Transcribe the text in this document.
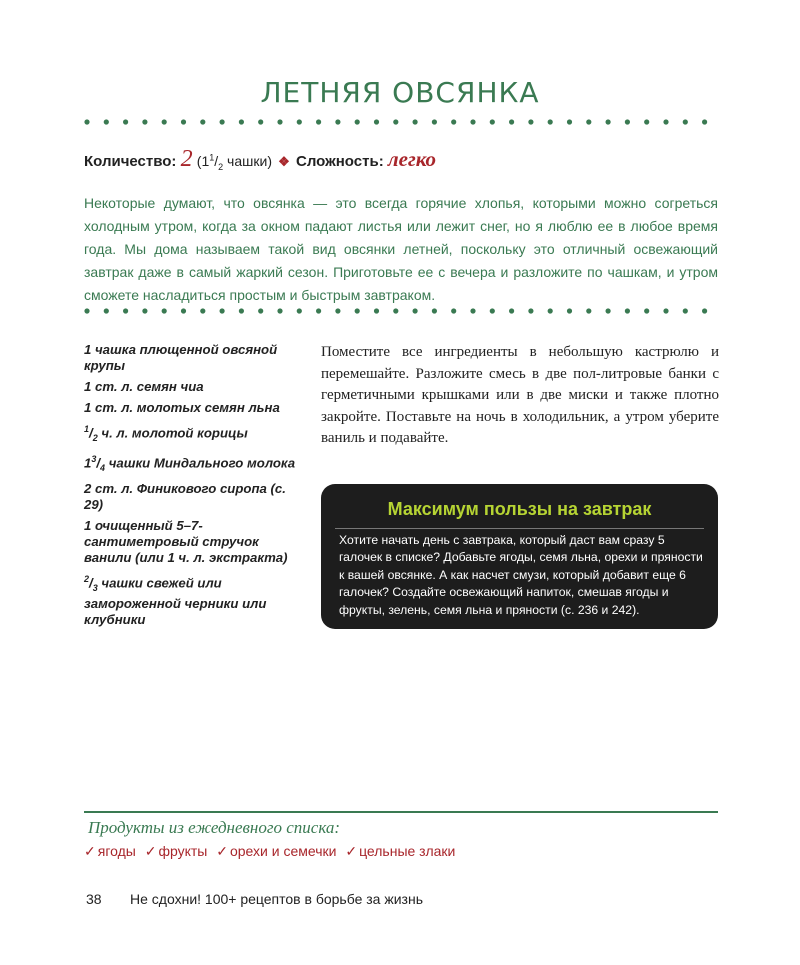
ЛЕТНЯЯ ОВСЯНКА
Количество: 2 ($1^1/_2$ чашки) ❖ Сложность: легко
Некоторые думают, что овсянка — это всегда горячие хлопья, которыми можно согреться холодным утром, когда за окном падают листья или лежит снег, но я люблю ее в любое время года. Мы дома называем такой вид овсянки летней, поскольку это отличный освежающий завтрак даже в самый жаркий сезон. Приготовьте ее с вечера и разложите по чашкам, и утром сможете насладиться простым и быстрым завтраком.
1 чашка плющенной овсяной крупы
1 ст. л. семян чиа
1 ст. л. молотых семян льна
$^1/_2$ ч. л. молотой корицы
$1^3/_4$ чашки Миндального молока
2 ст. л. Финикового сиропа (с. 29)
1 очищенный 5–7-сантиметровый стручок ванили (или 1 ч. л. экстракта)
$^2/_3$ чашки свежей или замороженной черники или клубники
Поместите все ингредиенты в небольшую кастрюлю и перемешайте. Разложите смесь в две пол-литровые банки с герметичными крышками или в две миски и также плотно закройте. Поставьте на ночь в холодильник, а утром уберите ваниль и подавайте.
Максимум пользы на завтрак
Хотите начать день с завтрака, который даст вам сразу 5 галочек в списке? Добавьте ягоды, семя льна, орехи и пряности к вашей овсянке. А как насчет смузи, который добавит еще 6 галочек? Создайте освежающий напиток, смешав ягоды и фрукты, зелень, семя льна и пряности (с. 236 и 242).
Продукты из ежедневного списка:
✓ ягоды ✓ фрукты ✓ орехи и семечки ✓ цельные злаки
38 Не сдохни! 100+ рецептов в борьбе за жизнь
